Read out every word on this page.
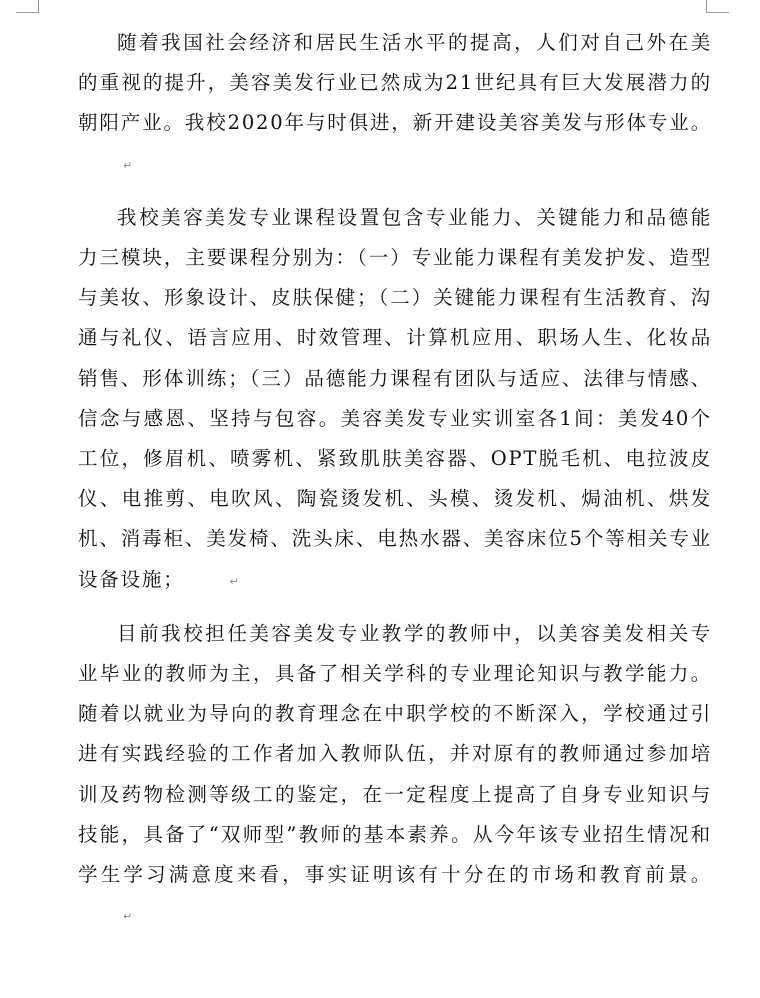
随着我国社会经济和居民生活水平的提高，人们对自己外在美的重视的提升，美容美发行业已然成为21世纪具有巨大发展潜力的朝阳产业。我校2020年与时俱进，新开建设美容美发与形体专业。↵

我校美容美发专业课程设置包含专业能力、关键能力和品德能力三模块，主要课程分别为：（一）专业能力课程有美发护发、造型与美妆、形象设计、皮肤保健；（二）关键能力课程有生活教育、沟通与礼仪、语言应用、时效管理、计算机应用、职场人生、化妆品销售、形体训练；（三）品德能力课程有团队与适应、法律与情感、信念与感恩、坚持与包容。美容美发专业实训室各1间：美发40个工位，修眉机、喷雾机、紧致肌肤美容器、OPT脱毛机、电拉波皮仪、电推剪、电吹风、陶瓷烫发机、头模、烫发机、焗油机、烘发机、消毒柜、美发椅、洗头床、电热水器、美容床位5个等相关专业设备设施；	↵

目前我校担任美容美发专业教学的教师中，以美容美发相关专业毕业的教师为主，具备了相关学科的专业理论知识与教学能力。随着以就业为导向的教育理念在中职学校的不断深入，学校通过引进有实践经验的工作者加入教师队伍，并对原有的教师通过参加培训及药物检测等级工的鉴定，在一定程度上提高了自身专业知识与技能，具备了“双师型”教师的基本素养。从今年该专业招生情况和学生学习满意度来看，事实证明该有十分在的市场和教育前景。↵
